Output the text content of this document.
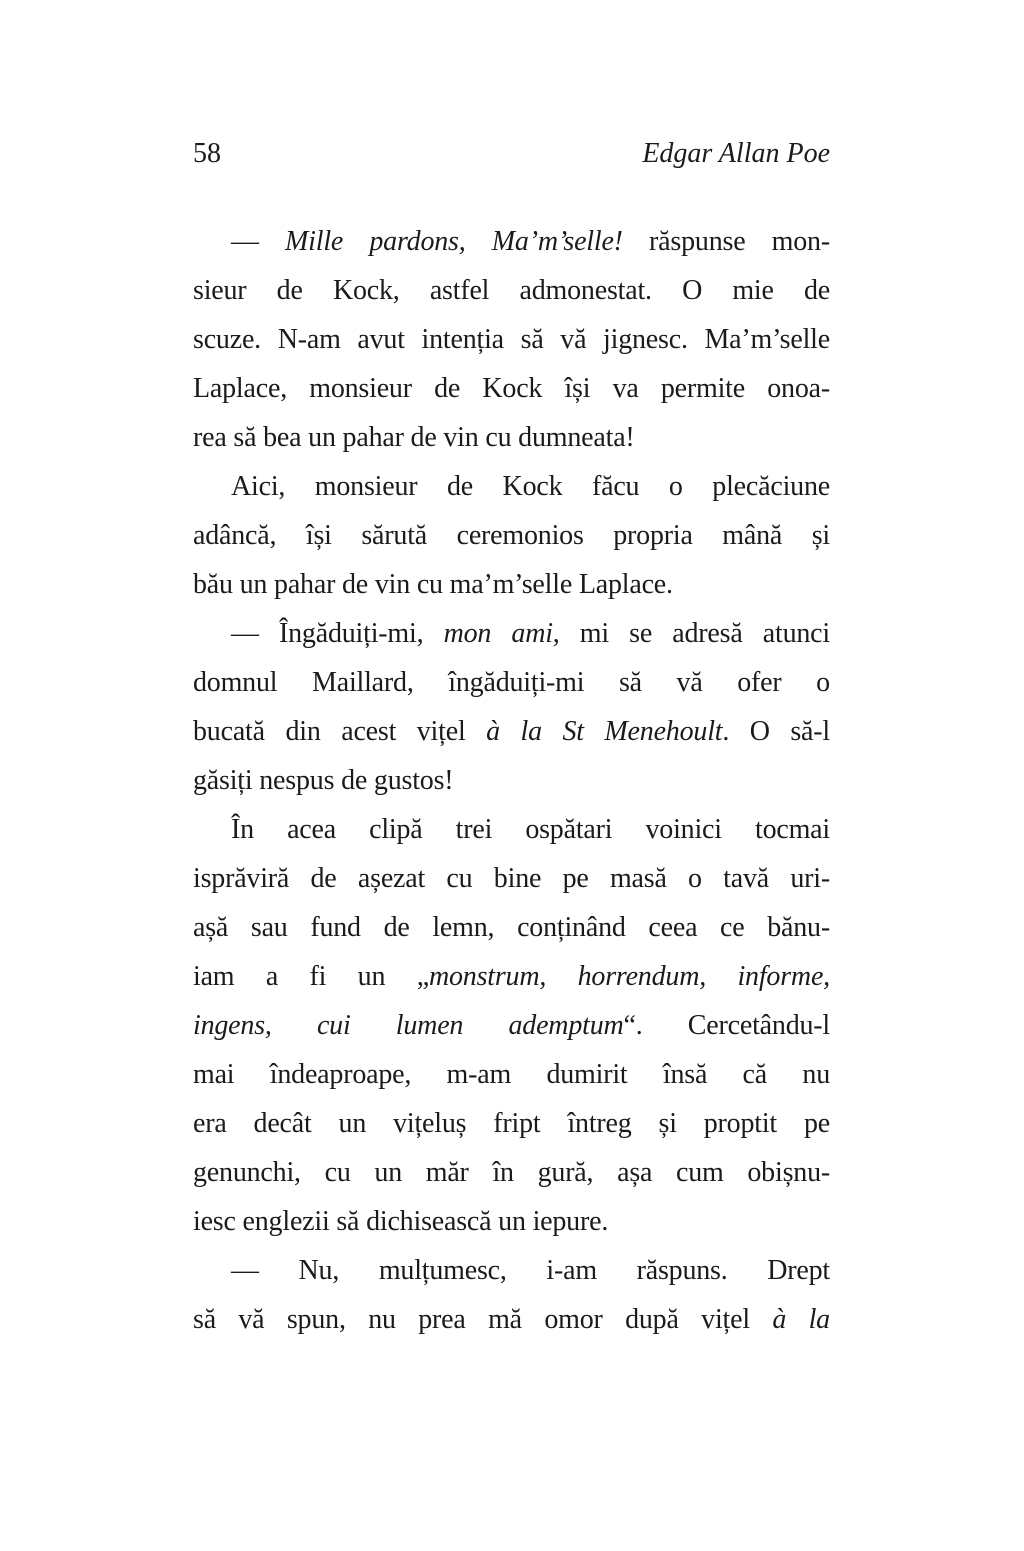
58	Edgar Allan Poe
— Mille pardons, Ma’m’selle! răspunse mon-
sieur de Kock, astfel admonestat. O mie de
scuze. N-am avut intenția să vă jignesc. Ma’m’selle
Laplace, monsieur de Kock își va permite onoa-
rea să bea un pahar de vin cu dumneata!
Aici, monsieur de Kock făcu o plecăciune
adâncă, își sărută ceremonios propria mână și
bău un pahar de vin cu ma’m’selle Laplace.
— Îngăduiți-mi, mon ami, mi se adresă atunci
domnul Maillard, îngăduiți-mi să vă ofer o
bucată din acest vițel à la St Menehoult. O să-l
găsiți nespus de gustos!
În acea clipă trei ospătari voinici tocmai
isprăviră de așezat cu bine pe masă o tavă uri-
așă sau fund de lemn, conținând ceea ce bănu-
iam a fi un „monstrum, horrendum, informe,
ingens, cui lumen ademptum“. Cercetându-l
mai îndeaproape, m-am dumirit însă că nu
era decât un vițeluș fript întreg și proptit pe
genunchi, cu un măr în gură, așa cum obișnu-
iesc englezii să dichisească un iepure.
— Nu, mulțumesc, i-am răspuns. Drept
să vă spun, nu prea mă omor după vițel à la
